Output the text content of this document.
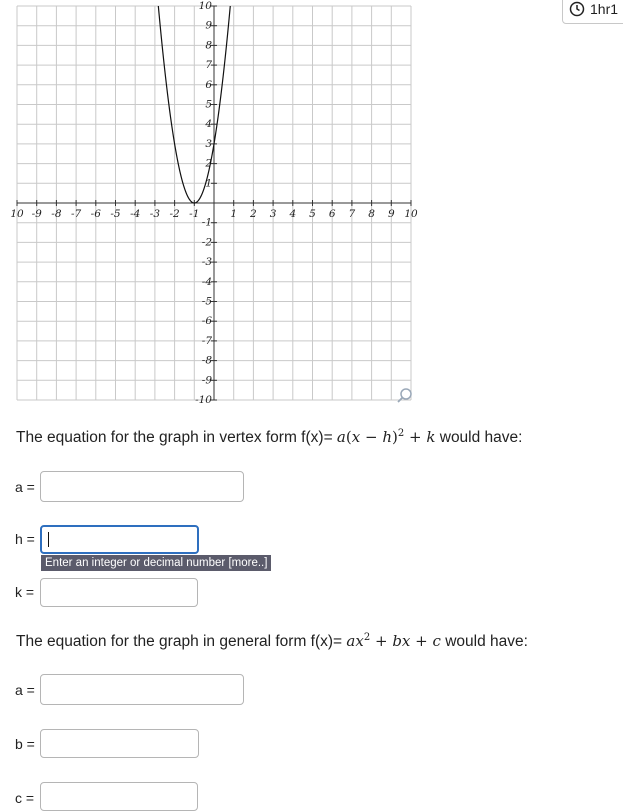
10 -9 -8 -7 -6 -5 -4 -3 -2 -1	1 2 3 4 5 6 7 8 9 10
10
9
8
7
6
5
4
3
2
1
-1
-2
-3
-4
-5
-6
-7
-8
-9
-10
1hr1
The equation for the graph in vertex form $f(x)= a(x - h)^2 + k$ would have:
a =
h =
Enter an integer or decimal number [more..]
k =
The equation for the graph in general form $f(x)= ax^2$ + bx + c would have:
a =
b =
c =
